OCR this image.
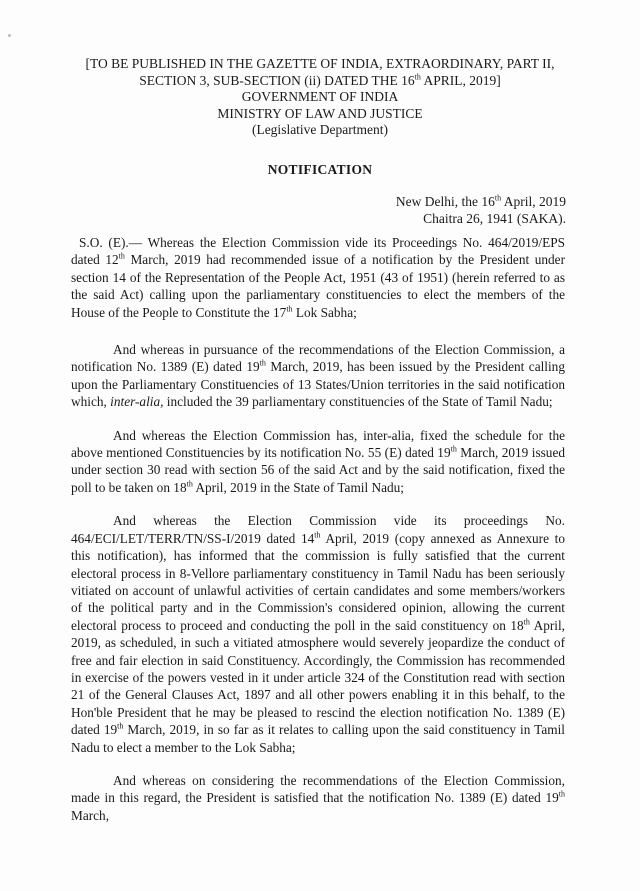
[TO BE PUBLISHED IN THE GAZETTE OF INDIA, EXTRAORDINARY, PART II,
SECTION 3, SUB-SECTION (ii) DATED THE 16th APRIL, 2019]
GOVERNMENT OF INDIA
MINISTRY OF LAW AND JUSTICE
(Legislative Department)
NOTIFICATION
New Delhi, the 16th April, 2019
Chaitra 26, 1941 (SAKA).

S.O. (E).— Whereas the Election Commission vide its Proceedings No. 464/2019/EPS dated 12th March, 2019 had recommended issue of a notification by the President under section 14 of the Representation of the People Act, 1951 (43 of 1951) (herein referred to as the said Act) calling upon the parliamentary constituencies to elect the members of the House of the People to Constitute the 17th Lok Sabha;

And whereas in pursuance of the recommendations of the Election Commission, a notification No. 1389 (E) dated 19th March, 2019, has been issued by the President calling upon the Parliamentary Constituencies of 13 States/Union territories in the said notification which, inter-alia, included the 39 parliamentary constituencies of the State of Tamil Nadu;

And whereas the Election Commission has, inter-alia, fixed the schedule for the above mentioned Constituencies by its notification No. 55 (E) dated 19th March, 2019 issued under section 30 read with section 56 of the said Act and by the said notification, fixed the poll to be taken on 18th April, 2019 in the State of Tamil Nadu;

And whereas the Election Commission vide its proceedings No. 464/ECI/LET/TERR/TN/SS-I/2019 dated 14th April, 2019 (copy annexed as Annexure to this notification), has informed that the commission is fully satisfied that the current electoral process in 8-Vellore parliamentary constituency in Tamil Nadu has been seriously vitiated on account of unlawful activities of certain candidates and some members/workers of the political party and in the Commission's considered opinion, allowing the current electoral process to proceed and conducting the poll in the said constituency on 18th April, 2019, as scheduled, in such a vitiated atmosphere would severely jeopardize the conduct of free and fair election in said Constituency. Accordingly, the Commission has recommended in exercise of the powers vested in it under article 324 of the Constitution read with section 21 of the General Clauses Act, 1897 and all other powers enabling it in this behalf, to the Hon'ble President that he may be pleased to rescind the election notification No. 1389 (E) dated 19th March, 2019, in so far as it relates to calling upon the said constituency in Tamil Nadu to elect a member to the Lok Sabha;

And whereas on considering the recommendations of the Election Commission, made in this regard, the President is satisfied that the notification No. 1389 (E) dated 19th March,
